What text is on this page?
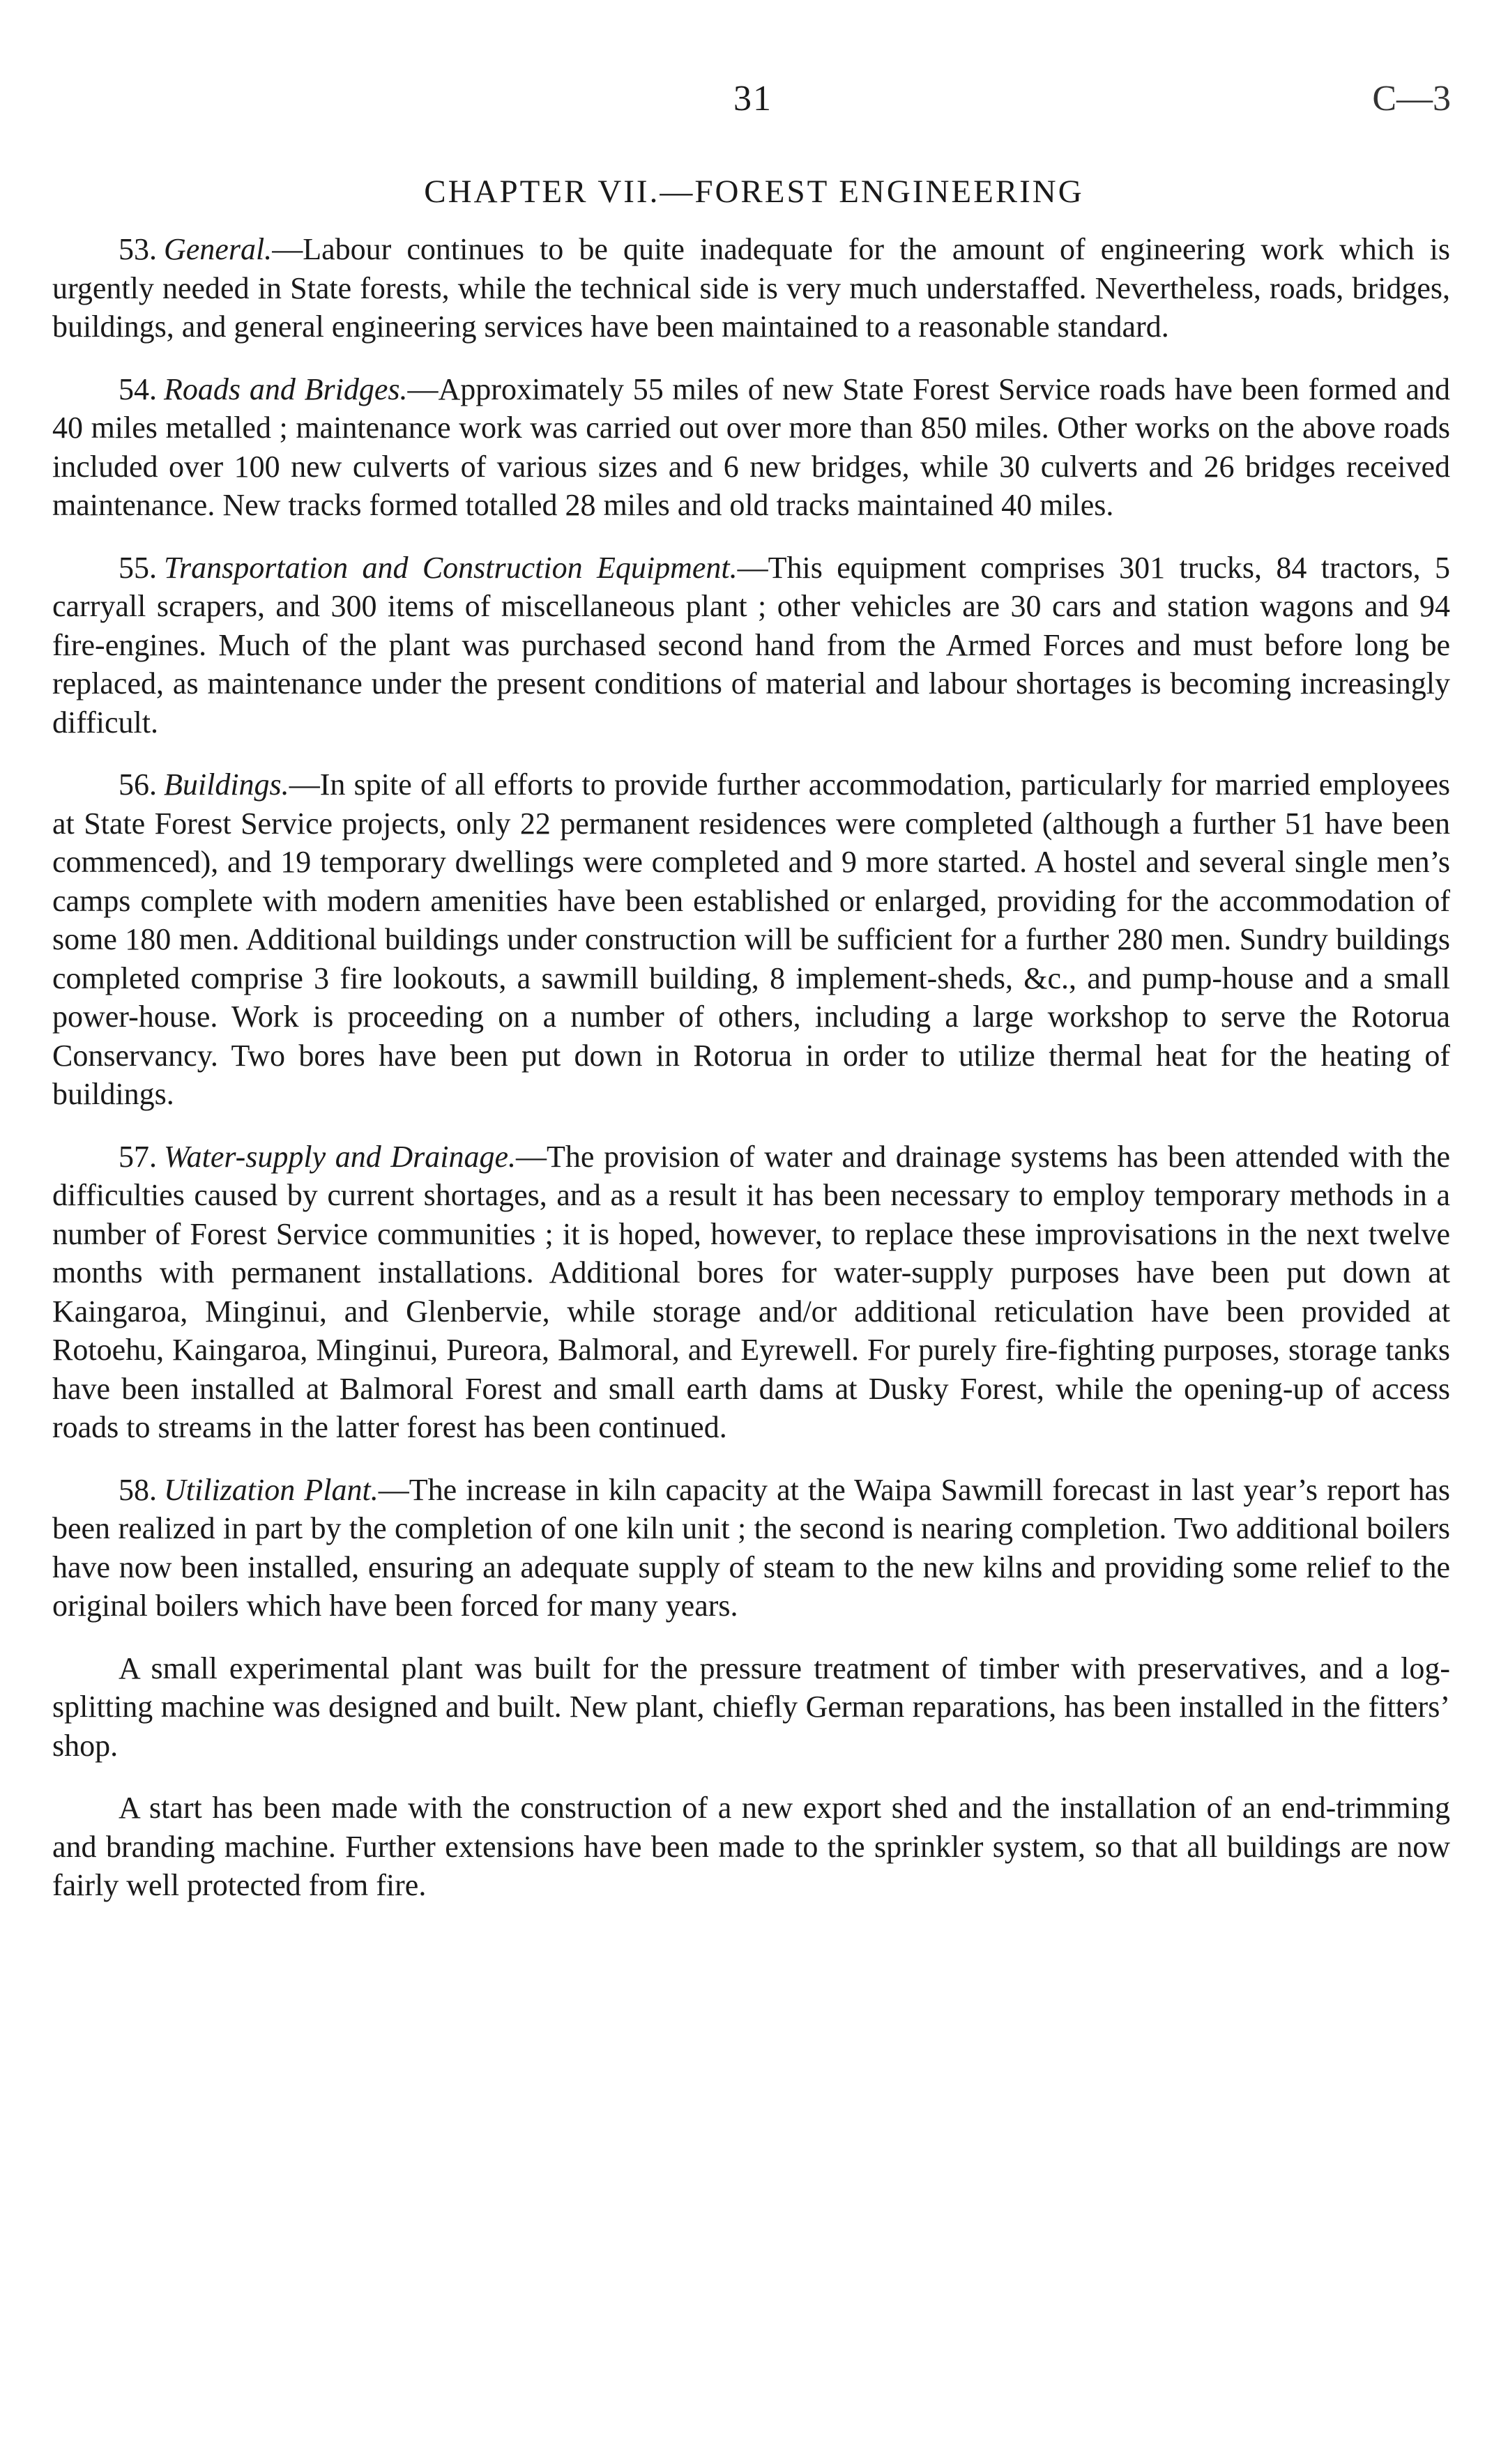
31	C—3
CHAPTER VII.—FOREST ENGINEERING

53. General.—Labour continues to be quite inadequate for the amount of engineering work which is urgently needed in State forests, while the technical side is very much understaffed. Nevertheless, roads, bridges, buildings, and general engineering services have been maintained to a reasonable standard.

54. Roads and Bridges.—Approximately 55 miles of new State Forest Service roads have been formed and 40 miles metalled ; maintenance work was carried out over more than 850 miles. Other works on the above roads included over 100 new culverts of various sizes and 6 new bridges, while 30 culverts and 26 bridges received maintenance. New tracks formed totalled 28 miles and old tracks maintained 40 miles.

55. Transportation and Construction Equipment.—This equipment comprises 301 trucks, 84 tractors, 5 carryall scrapers, and 300 items of miscellaneous plant ; other vehicles are 30 cars and station wagons and 94 fire-engines. Much of the plant was purchased second hand from the Armed Forces and must before long be replaced, as maintenance under the present conditions of material and labour shortages is becoming increasingly difficult.

56. Buildings.—In spite of all efforts to provide further accommodation, particularly for married employees at State Forest Service projects, only 22 permanent residences were completed (although a further 51 have been commenced), and 19 temporary dwellings were completed and 9 more started. A hostel and several single men’s camps complete with modern amenities have been established or enlarged, providing for the accommodation of some 180 men. Additional buildings under construction will be sufficient for a further 280 men. Sundry buildings completed comprise 3 fire lookouts, a sawmill building, 8 implement-sheds, &c., and pump-house and a small power-house. Work is proceeding on a number of others, including a large workshop to serve the Rotorua Conservancy. Two bores have been put down in Rotorua in order to utilize thermal heat for the heating of buildings.

57. Water-supply and Drainage.—The provision of water and drainage systems has been attended with the difficulties caused by current shortages, and as a result it has been necessary to employ temporary methods in a number of Forest Service communities ; it is hoped, however, to replace these improvisations in the next twelve months with permanent installations. Additional bores for water-supply purposes have been put down at Kaingaroa, Minginui, and Glenbervie, while storage and/or additional reticulation have been provided at Rotoehu, Kaingaroa, Minginui, Pureora, Balmoral, and Eyrewell. For purely fire-fighting purposes, storage tanks have been installed at Balmoral Forest and small earth dams at Dusky Forest, while the opening-up of access roads to streams in the latter forest has been continued.

58. Utilization Plant.—The increase in kiln capacity at the Waipa Sawmill forecast in last year’s report has been realized in part by the completion of one kiln unit ; the second is nearing completion. Two additional boilers have now been installed, ensuring an adequate supply of steam to the new kilns and providing some relief to the original boilers which have been forced for many years.

A small experimental plant was built for the pressure treatment of timber with preservatives, and a log-splitting machine was designed and built. New plant, chiefly German reparations, has been installed in the fitters’ shop.

A start has been made with the construction of a new export shed and the installation of an end-trimming and branding machine. Further extensions have been made to the sprinkler system, so that all buildings are now fairly well protected from fire.
